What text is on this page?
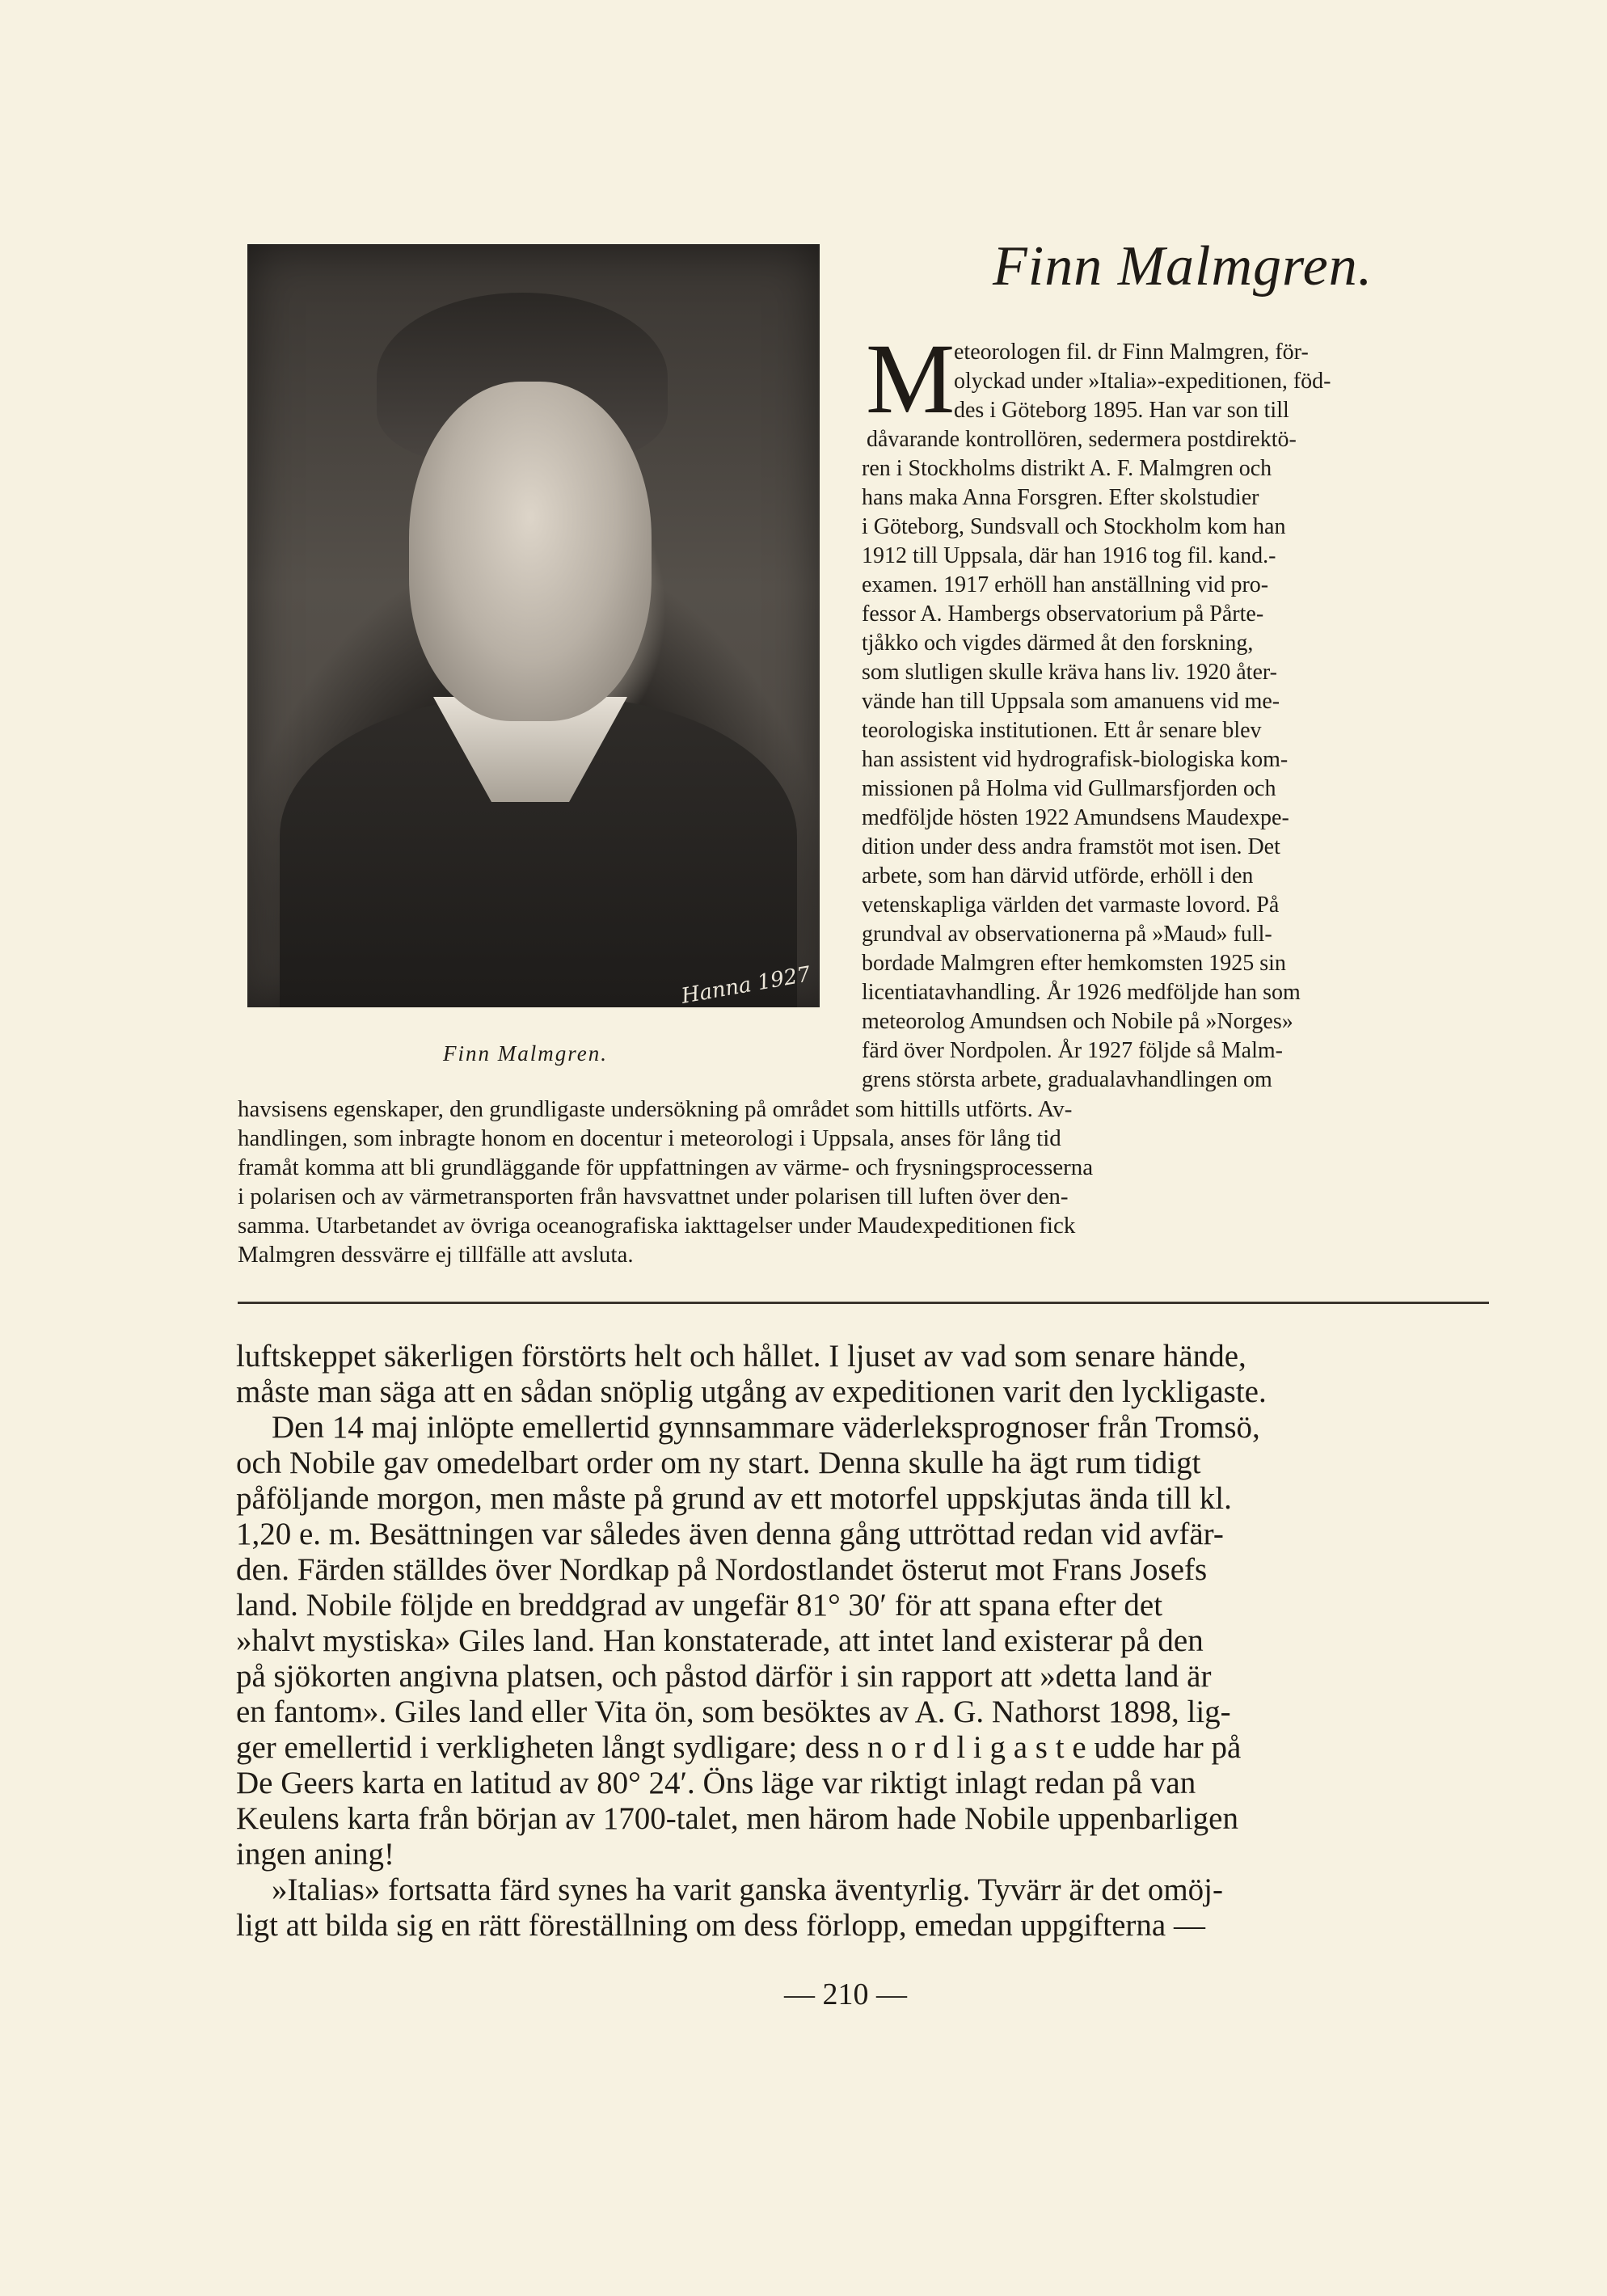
Hanna 1927
Finn Malmgren.
Finn Malmgren.
M
eteorologen fil. dr Finn Malmgren, för-
olyckad under »Italia»-expeditionen, föd-
des i Göteborg 1895. Han var son till
dåvarande kontrollören, sedermera postdirektö-
ren i Stockholms distrikt A. F. Malmgren och
hans maka Anna Forsgren. Efter skolstudier
i Göteborg, Sundsvall och Stockholm kom han
1912 till Uppsala, där han 1916 tog fil. kand.-
examen. 1917 erhöll han anställning vid pro-
fessor A. Hambergs observatorium på Pårte-
tjåkko och vigdes därmed åt den forskning,
som slutligen skulle kräva hans liv. 1920 åter-
vände han till Uppsala som amanuens vid me-
teorologiska institutionen. Ett år senare blev
han assistent vid hydrografisk-biologiska kom-
missionen på Holma vid Gullmarsfjorden och
medföljde hösten 1922 Amundsens Maudexpe-
dition under dess andra framstöt mot isen. Det
arbete, som han därvid utförde, erhöll i den
vetenskapliga världen det varmaste lovord. På
grundval av observationerna på »Maud» full-
bordade Malmgren efter hemkomsten 1925 sin
licentiatavhandling. År 1926 medföljde han som
meteorolog Amundsen och Nobile på »Norges»
färd över Nordpolen. År 1927 följde så Malm-
grens största arbete, gradualavhandlingen om
havsisens egenskaper, den grundligaste undersökning på området som hittills utförts. Av-
handlingen, som inbragte honom en docentur i meteorologi i Uppsala, anses för lång tid
framåt komma att bli grundläggande för uppfattningen av värme- och frysningsprocesserna
i polarisen och av värmetransporten från havsvattnet under polarisen till luften över den-
samma. Utarbetandet av övriga oceanografiska iakttagelser under Maudexpeditionen fick
Malmgren dessvärre ej tillfälle att avsluta.
luftskeppet säkerligen förstörts helt och hållet. I ljuset av vad som senare hände,
måste man säga att en sådan snöplig utgång av expeditionen varit den lyckligaste.
Den 14 maj inlöpte emellertid gynnsammare väderleksprognoser från Tromsö,
och Nobile gav omedelbart order om ny start. Denna skulle ha ägt rum tidigt
påföljande morgon, men måste på grund av ett motorfel uppskjutas ända till kl.
1,20 e. m. Besättningen var således även denna gång uttröttad redan vid avfär-
den. Färden ställdes över Nordkap på Nordostlandet österut mot Frans Josefs
land. Nobile följde en breddgrad av ungefär 81° 30′ för att spana efter det
»halvt mystiska» Giles land. Han konstaterade, att intet land existerar på den
på sjökorten angivna platsen, och påstod därför i sin rapport att »detta land är
en fantom». Giles land eller Vita ön, som besöktes av A. G. Nathorst 1898, lig-
ger emellertid i verkligheten långt sydligare; dess n o r d l i g a s t e udde har på
De Geers karta en latitud av 80° 24′. Öns läge var riktigt inlagt redan på van
Keulens karta från början av 1700-talet, men härom hade Nobile uppenbarligen
ingen aning!
»Italias» fortsatta färd synes ha varit ganska äventyrlig. Tyvärr är det omöj-
ligt att bilda sig en rätt föreställning om dess förlopp, emedan uppgifterna —
— 210 —
